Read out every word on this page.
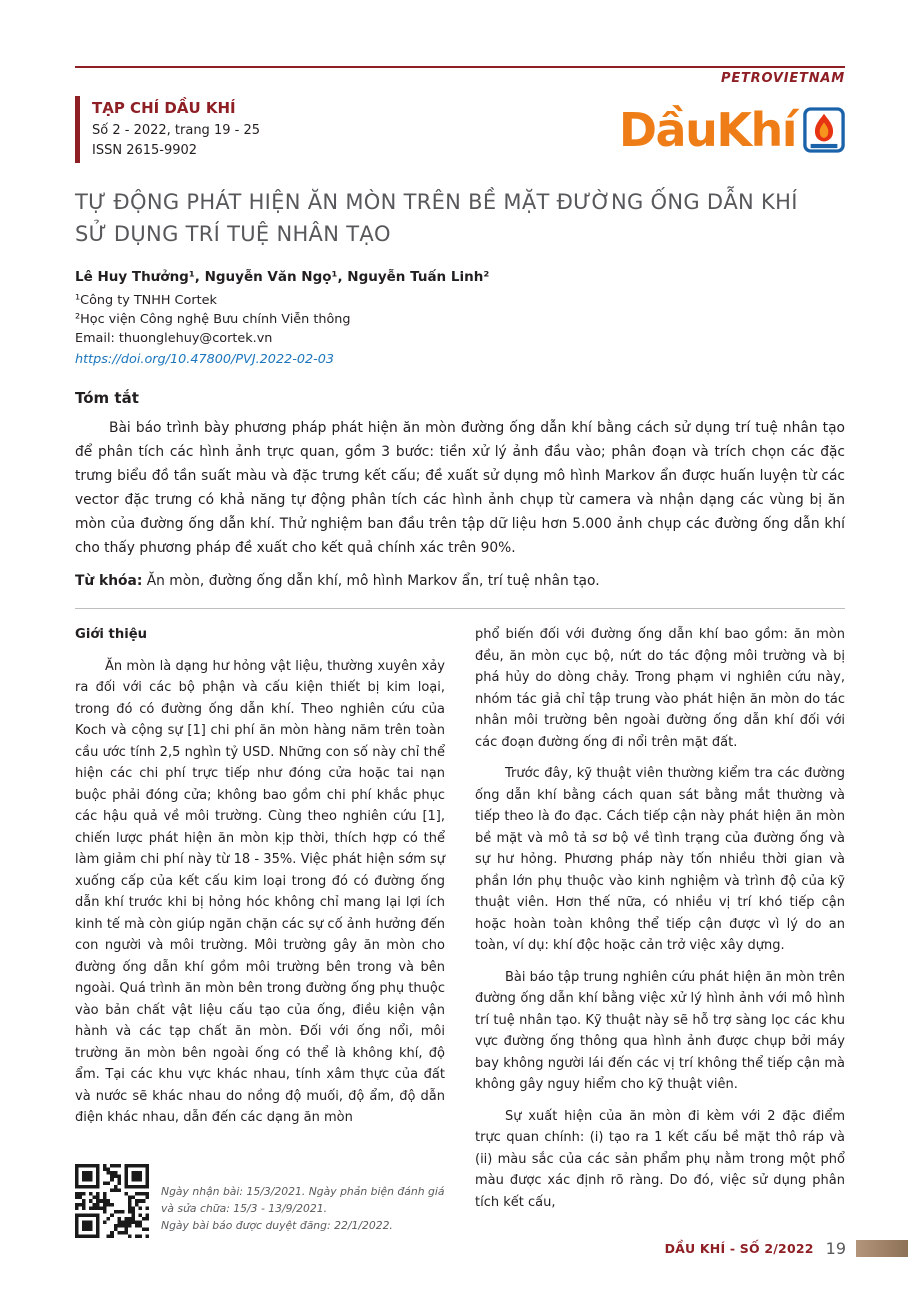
PETROVIETNAM
TẠP CHÍ DẦU KHÍ
Số 2 - 2022, trang 19 - 25
ISSN 2615-9902	DầuKhí
TỰ ĐỘNG PHÁT HIỆN ĂN MÒN TRÊN BỀ MẶT ĐƯỜNG ỐNG DẪN KHÍ
SỬ DỤNG TRÍ TUỆ NHÂN TẠO
Lê Huy Thưởng¹, Nguyễn Văn Ngọ¹, Nguyễn Tuấn Linh²
¹Công ty TNHH Cortek
²Học viện Công nghệ Bưu chính Viễn thông
Email: thuonglehuy@cortek.vn
https://doi.org/10.47800/PVJ.2022-02-03
Tóm tắt

Bài báo trình bày phương pháp phát hiện ăn mòn đường ống dẫn khí bằng cách sử dụng trí tuệ nhân tạo để phân tích các hình ảnh trực quan, gồm 3 bước: tiền xử lý ảnh đầu vào; phân đoạn và trích chọn các đặc trưng biểu đồ tần suất màu và đặc trưng kết cấu; đề xuất sử dụng mô hình Markov ẩn được huấn luyện từ các vector đặc trưng có khả năng tự động phân tích các hình ảnh chụp từ camera và nhận dạng các vùng bị ăn mòn của đường ống dẫn khí. Thử nghiệm ban đầu trên tập dữ liệu hơn 5.000 ảnh chụp các đường ống dẫn khí cho thấy phương pháp đề xuất cho kết quả chính xác trên 90%.

Từ khóa: Ăn mòn, đường ống dẫn khí, mô hình Markov ẩn, trí tuệ nhân tạo.

Giới thiệu

Ăn mòn là dạng hư hỏng vật liệu, thường xuyên xảy ra đối với các bộ phận và cấu kiện thiết bị kim loại, trong đó có đường ống dẫn khí. Theo nghiên cứu của Koch và cộng sự [1] chi phí ăn mòn hàng năm trên toàn cầu ước tính 2,5 nghìn tỷ USD. Những con số này chỉ thể hiện các chi phí trực tiếp như đóng cửa hoặc tai nạn buộc phải đóng cửa; không bao gồm chi phí khắc phục các hậu quả về môi trường. Cùng theo nghiên cứu [1], chiến lược phát hiện ăn mòn kịp thời, thích hợp có thể làm giảm chi phí này từ 18 - 35%. Việc phát hiện sớm sự xuống cấp của kết cấu kim loại trong đó có đường ống dẫn khí trước khi bị hỏng hóc không chỉ mang lại lợi ích kinh tế mà còn giúp ngăn chặn các sự cố ảnh hưởng đến con người và môi trường. Môi trường gây ăn mòn cho đường ống dẫn khí gồm môi trường bên trong và bên ngoài. Quá trình ăn mòn bên trong đường ống phụ thuộc vào bản chất vật liệu cấu tạo của ống, điều kiện vận hành và các tạp chất ăn mòn. Đối với ống nổi, môi trường ăn mòn bên ngoài ống có thể là không khí, độ ẩm. Tại các khu vực khác nhau, tính xâm thực của đất và nước sẽ khác nhau do nồng độ muối, độ ẩm, độ dẫn điện khác nhau, dẫn đến các dạng ăn mòn

Ngày nhận bài: 15/3/2021. Ngày phản biện đánh giá và sửa chữa: 15/3 - 13/9/2021.
Ngày bài báo được duyệt đăng: 22/1/2022.

phổ biến đối với đường ống dẫn khí bao gồm: ăn mòn đều, ăn mòn cục bộ, nứt do tác động môi trường và bị phá hủy do dòng chảy. Trong phạm vi nghiên cứu này, nhóm tác giả chỉ tập trung vào phát hiện ăn mòn do tác nhân môi trường bên ngoài đường ống dẫn khí đối với các đoạn đường ống đi nổi trên mặt đất.

Trước đây, kỹ thuật viên thường kiểm tra các đường ống dẫn khí bằng cách quan sát bằng mắt thường và tiếp theo là đo đạc. Cách tiếp cận này phát hiện ăn mòn bề mặt và mô tả sơ bộ về tình trạng của đường ống và sự hư hỏng. Phương pháp này tốn nhiều thời gian và phần lớn phụ thuộc vào kinh nghiệm và trình độ của kỹ thuật viên. Hơn thế nữa, có nhiều vị trí khó tiếp cận hoặc hoàn toàn không thể tiếp cận được vì lý do an toàn, ví dụ: khí độc hoặc cản trở việc xây dựng.

Bài báo tập trung nghiên cứu phát hiện ăn mòn trên đường ống dẫn khí bằng việc xử lý hình ảnh với mô hình trí tuệ nhân tạo. Kỹ thuật này sẽ hỗ trợ sàng lọc các khu vực đường ống thông qua hình ảnh được chụp bởi máy bay không người lái đến các vị trí không thể tiếp cận mà không gây nguy hiểm cho kỹ thuật viên.

Sự xuất hiện của ăn mòn đi kèm với 2 đặc điểm trực quan chính: (i) tạo ra 1 kết cấu bề mặt thô ráp và (ii) màu sắc của các sản phẩm phụ nằm trong một phổ màu được xác định rõ ràng. Do đó, việc sử dụng phân tích kết cấu,

DẦU KHÍ - SỐ 2/2022 19
